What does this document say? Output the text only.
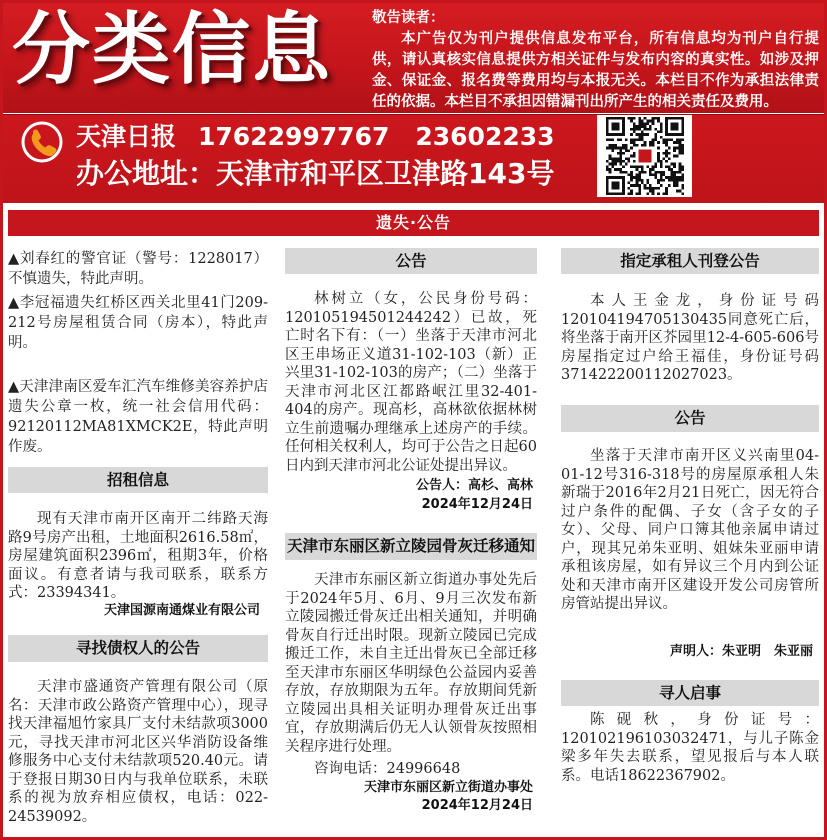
分类信息	敬告读者：
本广告仅为刊户提供信息发布平台，所有信息均为刊户自行提供，请认真核实信息提供方相关证件与发布内容的真实性。如涉及押金、保证金、报名费等费用均与本报无关。本栏目不作为承担法律责任的依据。本栏目不承担因错漏刊出所产生的相关责任及费用。
天津日报 17622997767 23602233
办公地址：天津市和平区卫津路143号
遗失·公告
▲刘春红的警官证（警号：1228017）不慎遗失，特此声明。
▲李冠福遗失红桥区西关北里41门209-212号房屋租赁合同（房本），特此声明。
▲天津津南区爱车汇汽车维修美容养护店遗失公章一枚，统一社会信用代码：92120112MA81XMCK2E，特此声明作废。
招租信息
现有天津市南开区南开二纬路天海路9号房产出租，土地面积2616.58㎡，房屋建筑面积2396㎡，租期3年，价格面议。有意者请与我司联系，联系方式：23394341。
天津国源南通煤业有限公司
寻找债权人的公告
天津市盛通资产管理有限公司（原名：天津市政公路资产管理中心），现寻找天津福旭竹家具厂支付未结款项3000元，寻找天津市河北区兴华消防设备维修服务中心支付未结款项520.40元。请于登报日期30日内与我单位联系，未联系的视为放弃相应债权，电话：022-24539092。
公告
林树立（女，公民身份号码：120105194501244242）已故，死亡时名下有：（一）坐落于天津市河北区王串场正义道31-102-103（新）正兴里31-102-103的房产；（二）坐落于天津市河北区江都路岷江里32-401-404的房产。现高杉，高林欲依据林树立生前遗嘱办理继承上述房产的手续。任何相关权利人，均可于公告之日起60日内到天津市河北公证处提出异议。
公告人：高杉、高林
2024年12月24日
天津市东丽区新立陵园骨灰迁移通知
天津市东丽区新立街道办事处先后于2024年5月、6月、9月三次发布新立陵园搬迁骨灰迁出相关通知，并明确骨灰自行迁出时限。现新立陵园已完成搬迁工作，未自主迁出骨灰已全部迁移至天津市东丽区华明绿色公益园内妥善存放，存放期限为五年。存放期间凭新立陵园出具相关证明办理骨灰迁出事宜，存放期满后仍无人认领骨灰按照相关程序进行处理。
咨询电话：24996648
天津市东丽区新立街道办事处
2024年12月24日
指定承租人刊登公告
本人王金龙，身份证号码120104194705130435同意死亡后，将坐落于南开区芥园里12-4-605-606号房屋指定过户给王福佳，身份证号码371422200112027023。
公告
坐落于天津市南开区义兴南里04-01-12号316-318号的房屋原承租人朱新瑞于2016年2月21日死亡，因无符合过户条件的配偶、子女（含子女的子女）、父母、同户口簿其他亲属申请过户，现其兄弟朱亚明、姐妹朱亚丽申请承租该房屋，如有异议三个月内到公证处和天津市南开区建设开发公司房管所房管站提出异议。
声明人：朱亚明　朱亚丽
寻人启事
陈砚秋，身份证号：120102196103032471，与儿子陈金梁多年失去联系，望见报后与本人联系。电话18622367902。
